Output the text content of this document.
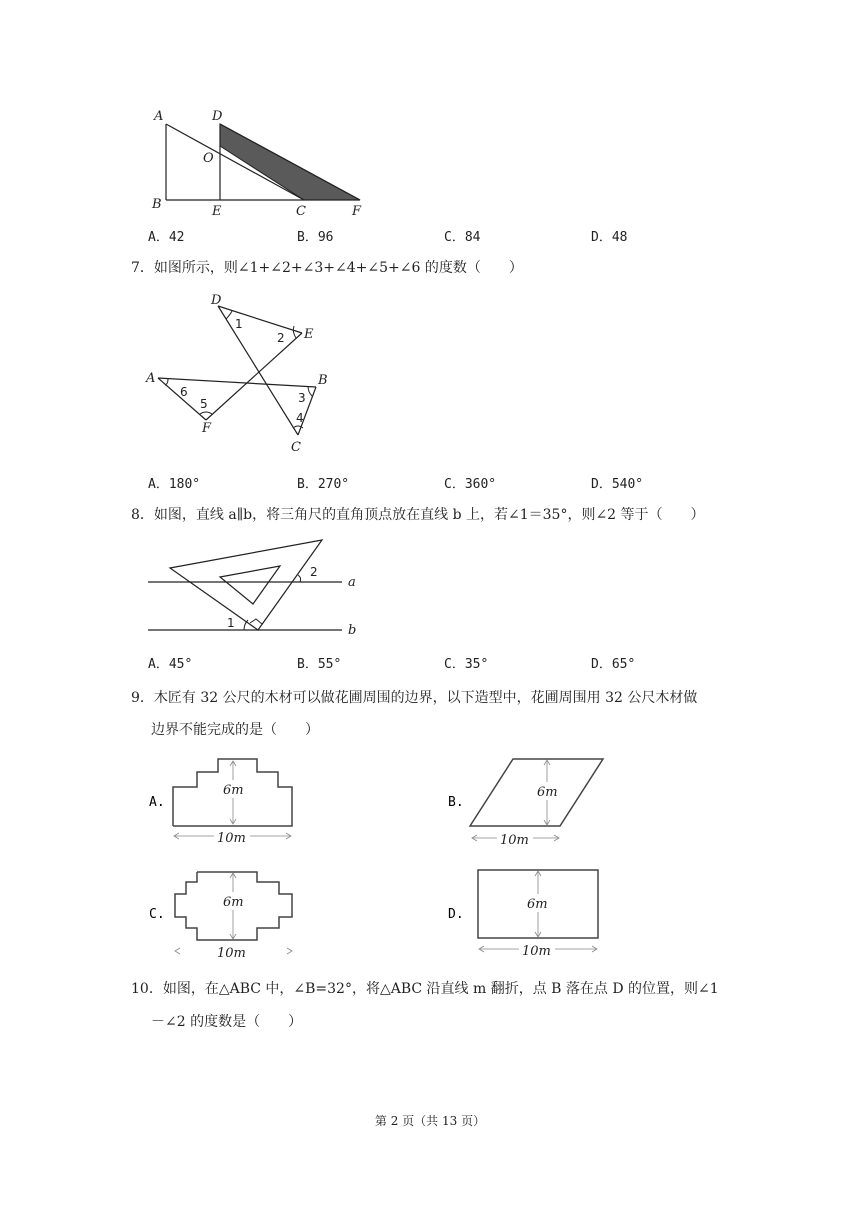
A	D
O
B	E	C	F
A．42	B．96	C．84	D．48
7．如图所示，则∠1+∠2+∠3+∠4+∠5+∠6 的度数（　　）
D
E
A	B
F
C
1
2
3
4
5
6
A．180°	B．270°	C．360°	D．540°
8．如图，直线 a∥b，将三角尺的直角顶点放在直线 b 上，若∠1＝35°，则∠2 等于（　　）
a
b
1
2
A．45°	B．55°	C．35°	D．65°
9．木匠有 32 公尺的木材可以做花圃周围的边界，以下造型中，花圃周围用 32 公尺木材做
边界不能完成的是（　　）
A.
6m
10m
B.
6m
10m
C.
6m
10m
D.
6m
10m
10．如图，在△ABC 中，∠B=32°，将△ABC 沿直线 m 翻折，点 B 落在点 D 的位置，则∠1
－∠2 的度数是（　　）
第 2 页（共 13 页）
